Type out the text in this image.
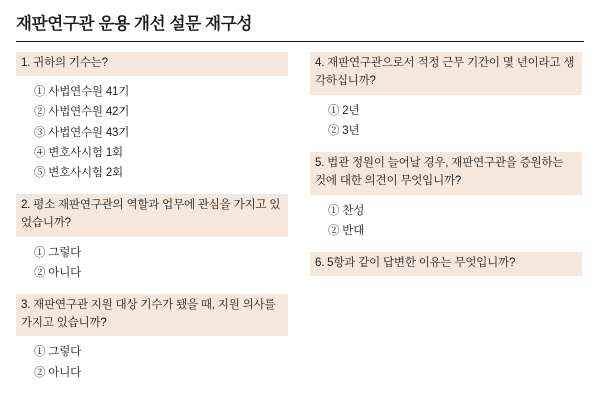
재판연구관 운용 개선 설문 재구성
1. 귀하의 기수는?
① 사법연수원 41기
② 사법연수원 42기
③ 사법연수원 43기
④ 변호사시험 1회
⑤ 변호사시험 2회
2. 평소 재판연구관의 역할과 업무에 관심을 가지고 있었습니까?
① 그렇다
② 아니다
3. 재판연구관 지원 대상 기수가 됐을 때, 지원 의사를 가지고 있습니까?
① 그렇다
② 아니다
4. 재판연구관으로서 적정 근무 기간이 몇 년이라고 생각하십니까?
① 2년
② 3년
5. 법관 정원이 늘어날 경우, 재판연구관을 증원하는 것에 대한 의견이 무엇입니까?
① 찬성
② 반대
6. 5항과 같이 답변한 이유는 무엇입니까?
